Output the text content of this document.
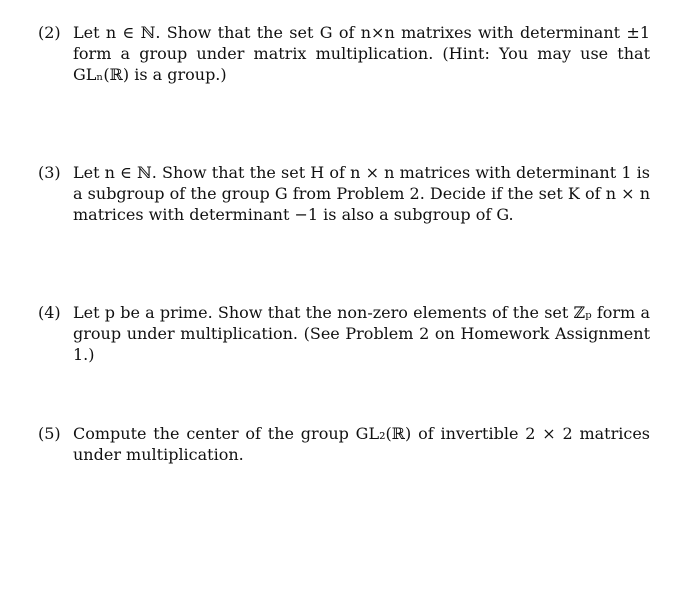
(2) Let n ∈ ℕ. Show that the set G of n×n matrixes with determinant ±1 form a group under matrix multiplication. (Hint: You may use that GLₙ(ℝ) is a group.)
(3) Let n ∈ ℕ. Show that the set H of n × n matrices with determinant 1 is a subgroup of the group G from Problem 2. Decide if the set K of n × n matrices with determinant −1 is also a subgroup of G.
(4) Let p be a prime. Show that the non-zero elements of the set ℤₚ form a group under multiplication. (See Problem 2 on Homework Assignment 1.)
(5) Compute the center of the group GL₂(ℝ) of invertible 2 × 2 matrices under multiplication.
